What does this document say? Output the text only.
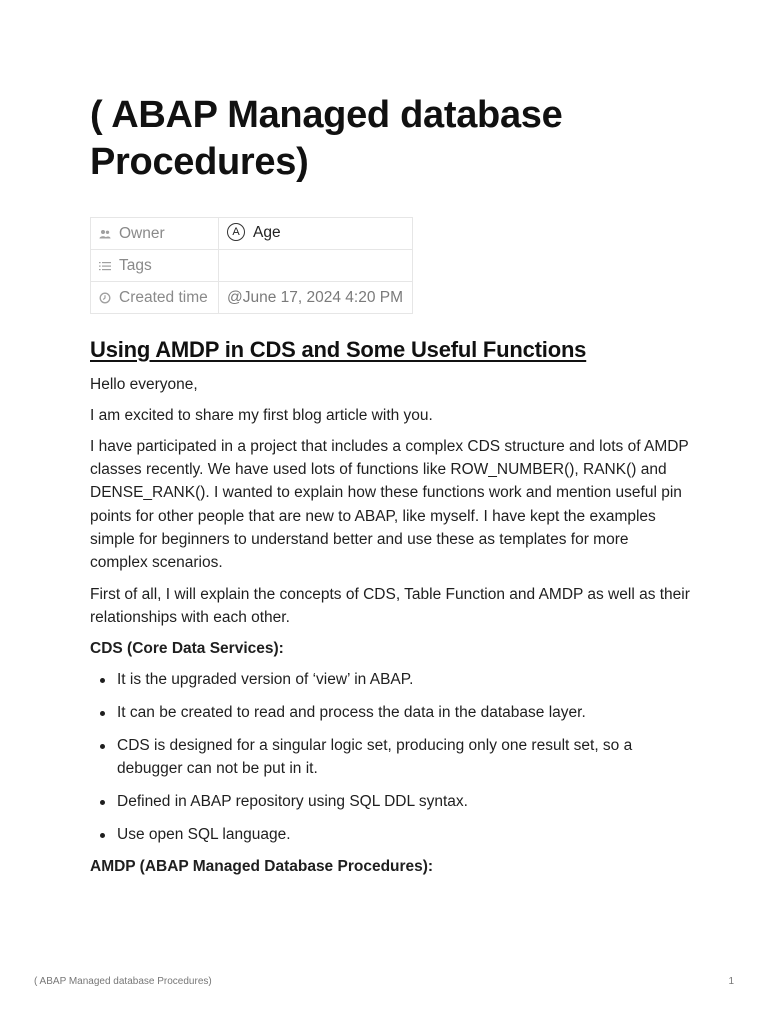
( ABAP Managed database Procedures)
Owner	A Age

Tags	

Created time	@June 17, 2024 4:20 PM
Using AMDP in CDS and Some Useful Functions

Hello everyone,

I am excited to share my first blog article with you.

I have participated in a project that includes a complex CDS structure and lots of AMDP classes recently. We have used lots of functions like ROW_NUMBER(), RANK() and DENSE_RANK(). I wanted to explain how these functions work and mention useful pin points for other people that are new to ABAP, like myself. I have kept the examples simple for beginners to understand better and use these as templates for more complex scenarios.

First of all, I will explain the concepts of CDS, Table Function and AMDP as well as their relationships with each other.

CDS (Core Data Services):

It is the upgraded version of ‘view’ in ABAP.
It can be created to read and process the data in the database layer.
CDS is designed for a singular logic set, producing only one result set, so a debugger can not be put in it.
Defined in ABAP repository using SQL DDL syntax.
Use open SQL language.

AMDP (ABAP Managed Database Procedures):

( ABAP Managed database Procedures)	1
